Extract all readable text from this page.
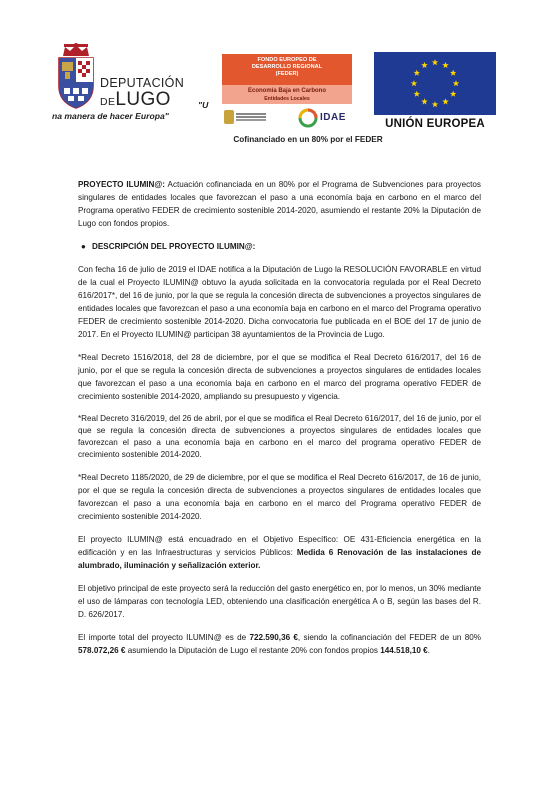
DEPUTACIÓN
DELUGO	"U
na manera de hacer Europa"
FONDO EUROPEO DE
DESARROLLO REGIONAL
(FEDER)
Economía Baja en Carbono
Entidades Locales
IDAE
UNIÓN EUROPEA
Cofinanciado en un 80% por el FEDER

PROYECTO ILUMIN@: Actuación cofinanciada en un 80% por el Programa de Subvenciones para proyectos singulares de entidades locales que favorezcan el paso a una economía baja en carbono en el marco del Programa operativo FEDER de crecimiento sostenible 2014-2020, asumiendo el restante 20% la Diputación de Lugo con fondos propios.

● DESCRIPCIÓN DEL PROYECTO ILUMIN@:

Con fecha 16 de julio de 2019 el IDAE notifica a la Diputación de Lugo la RESOLUCIÓN FAVORABLE en virtud de la cual el Proyecto ILUMIN@ obtuvo la ayuda solicitada en la convocatoria regulada por el Real Decreto 616/2017*, del 16 de junio, por la que se regula la concesión directa de subvenciones a proyectos singulares de entidades locales que favorezcan el paso a una economía baja en carbono en el marco del Programa operativo FEDER de crecimiento sostenible 2014-2020. Dicha convocatoria fue publicada en el BOE del 17 de junio de 2017. En el Proyecto ILUMIN@ participan 38 ayuntamientos de la Provincia de Lugo.

*Real Decreto 1516/2018, del 28 de diciembre, por el que se modifica el Real Decreto 616/2017, del 16 de junio, por el que se regula la concesión directa de subvenciones a proyectos singulares de entidades locales que favorezcan el paso a una economía baja en carbono en el marco del programa operativo FEDER de crecimiento sostenible 2014-2020, ampliando su presupuesto y vigencia.

*Real Decreto 316/2019, del 26 de abril, por el que se modifica el Real Decreto 616/2017, del 16 de junio, por el que se regula la concesión directa de subvenciones a proyectos singulares de entidades locales que favorezcan el paso a una economía baja en carbono en el marco del programa operativo FEDER de crecimiento sostenible 2014-2020.

*Real Decreto 1185/2020, de 29 de diciembre, por el que se modifica el Real Decreto 616/2017, de 16 de junio, por el que se regula la concesión directa de subvenciones a proyectos singulares de entidades locales que favorezcan el paso a una economía baja en carbono en el marco del Programa operativo FEDER de crecimiento sostenible 2014-2020.

El proyecto ILUMIN@ está encuadrado en el Objetivo Específico: OE 431-Eficiencia energética en la edificación y en las Infraestructuras y servicios Públicos: Medida 6 Renovación de las instalaciones de alumbrado, iluminación y señalización exterior.

El objetivo principal de este proyecto será la reducción del gasto energético en, por lo menos, un 30% mediante el uso de lámparas con tecnología LED, obteniendo una clasificación energética A o B, según las bases del R. D. 626/2017.

El importe total del proyecto ILUMIN@ es de 722.590,36 €, siendo la cofinanciación del FEDER de un 80% 578.072,26 € asumiendo la Diputación de Lugo el restante 20% con fondos propios 144.518,10 €.
